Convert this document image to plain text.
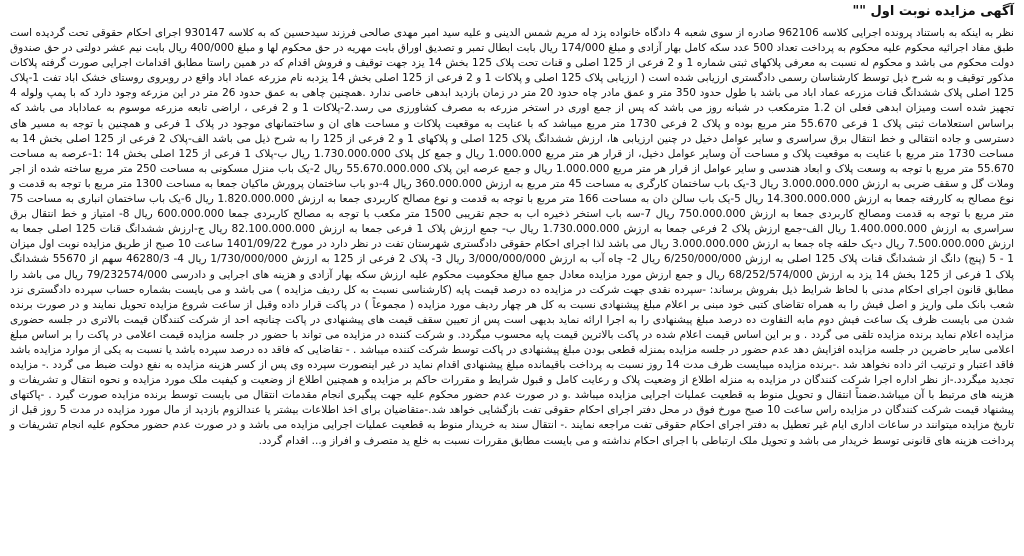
آگهی مزایده نوبت اول ""

نظر به اینکه به باستناد پرونده اجرایی کلاسه 962106 صادره از سوی شعبه 4 دادگاه خانواده یزد له مریم شمس الدینی و علیه سید امیر مهدی صالحی فرزند سیدحسین که به کلاسه 930147 اجرای احکام حقوقی تحت گردیده است طبق مفاد اجرائیه محکوم علیه محکوم به پرداخت تعداد 500 عدد سکه کامل بهار آزادی و مبلغ 174/000 ریال بابت ابطال تمبر و تصدیق اوراق بابت مهریه در حق محکوم لها و مبلغ 400/000 ریال بابت نیم عشر دولتی در حق صندوق دولت محکوم می باشد و محکوم له نسبت به معرفی پلاکهای ثبتی شماره 1 و 2 فرعی از 125 اصلی و قنات تحت پلاک 125 بخش 14 یزد جهت توقیف و فروش اقدام که در همین راستا مطابق اقدامات اجرایی صورت گرفته پلاکات مذکور توقیف و به شرح ذیل توسط کارشناسان رسمی دادگستری ارزیابی شده است ( ارزیابی پلاک 125 اصلی و پلاکات 1 و 2 فرعی از 125 اصلی بخش 14 یزدبه نام مزرعه عماد اباد واقع در روبروی روستای خشک اباد تفت 1-پلاک 125 اصلی پلاک ششدانگ قنات مزرعه عماد اباد می باشد با طول حدود 350 متر و عمق مادر چاه حدود 20 متر در زمان بازدید ابدهی خاصی ندارد .همچنین چاهی به عمق حدود 26 متر در این مزرعه وجود دارد که با پمپ ولوله 4 تجهیز شده است ومیزان ابدهی فعلی ان 1.2 مترمکعب در شبانه روز می باشد که پس از جمع اوری در استخر مزرعه به مصرف کشاورزی می رسد.2-پلاکات 1 و 2 فرعی ، اراضی تابعه مزرعه موسوم به عماداباد می باشد که براساس استعلامات ثبتی پلاک 1 فرعی 55.670 متر مربع بوده و پلاک 2 فرعی 1730 متر مربع میباشد که با عنایت به موقعیت پلاکات و مساحت های ان و ساختمانهای موجود در پلاک 1 فرعی و همچنین با توجه به مسیر های دسترسی و جاده انتقالی و خط انتقال برق سراسری و سایر عوامل دخیل در چنین ارزیابی ها، ارزش ششدانگ پلاک 125 اصلی و پلاکهای 1 و 2 فرعی از 125 را به شرح ذیل می باشد الف-پلاک 2 فرعی از 125 اصلی بخش 14 به مساحت 1730 متر مربع با عنایت به موقعیت پلاک و مساحت آن وسایر عوامل دخیل، از قرار هر متر مربع 1.000.000 ریال و جمع کل پلاک 1.730.000.000 ریال ب-پلاک 1 فرعی از 125 اصلی بخش 14 :1-عرصه به مساحت 55.670 متر مربع با توجه به وسعت پلاک و ابعاد هندسی و سایر عوامل از قرار هر متر مربع 1.000.000 ریال و جمع عرصه این پلاک 55.670.000.000 ریال 2-یک باب منزل مسکونی به مساحت 250 متر مربع ساخته شده از اجر وملات گل و سقف ضربی به ارزش 3.000.000.000 ریال 3-یک باب ساختمان کارگری به مساحت 45 متر مربع به ارزش 360.000.000 ریال 4-دو باب ساختمان پرورش ماکیان جمعا به مساحت 1300 متر مربع با توجه به قدمت و نوع مصالح به کاررفته جمعا به ارزش 14.300.000.000 ریال 5-یک باب سالن دان به مساحت 166 متر مربع با توجه به قدمت و نوع مصالح کاربردی جمعا به ارزش 1.820.000.000 ریال 6-یک باب ساختمان انباری به مساحت 75 متر مربع با توجه به قدمت ومصالح کاربردی جمعا به ارزش 750.000.000 ریال 7-سه باب استخر ذخیره اب به حجم تقریبی 1500 متر مکعب با توجه به مصالح کاربردی جمعا 600.000.000 ریال 8- امتیاز و خط انتقال برق سراسری به ارزش 1.400.000.000 ریال الف-جمع ارزش پلاک 2 فرعی جمعا به ارزش 1.730.000.000 ریال ب- جمع ارزش پلاک 1 فرعی جمعا به ارزش 82.100.000.000 ریال ج-ارزش ششدانگ قنات 125 اصلی جمعا به ارزش 7.500.000.000 ریال د-یک حلقه چاه جمعا به ارزش 3.000.000.000 ریال می باشد لذا اجرای احکام حقوقی دادگستری شهرستان تفت در نظر دارد در مورخ 1401/09/22 ساعت 10 صبح از طریق مزایده نوبت اول میزان 1 - 5 (پنج) دانگ از ششدانگ قنات پلاک 125 اصلی به ارزش 6/250/000/000 ریال 2- چاه آب به ارزش 3/000/000/000 ریال 3- پلاک 2 فرعی از 125 به ارزش 1/730/000/000 ریال 4- 46280/3 سهم از 55670 ششدانگ پلاک 1 فرعی از 125 بخش 14 یزد به ارزش 68/252/574/000 ریال و جمع ارزش مورد مزایده معادل جمع مبالغ محکومیت محکوم علیه ارزش سکه بهار آزادی و هزینه های اجرایی و دادرسی 79/232574/000 ریال می باشد را مطابق قانون اجرای احکام مدنی با لحاظ شرایط ذیل بفروش برساند: -سپرده نقدی جهت شرکت در مزایده ده درصد قیمت پایه (کارشناسی نسبت به کل ردیف مزایده ) می باشد و می بایست بشماره حساب سپرده دادگستری نزد شعب بانک ملی واریز و اصل فیش را به همراه تقاضای کتبی خود مبنی بر اعلام مبلغ پیشنهادی نسبت به کل هر چهار ردیف مورد مزایده ( مجموعاً ) در پاکت قرار داده وقبل از ساعت شروع مزایده تحویل نمایند و در صورت برنده شدن می بایست ظرف یک ساعت فیش دوم مابه التفاوت ده درصد مبلغ پیشنهادی را به اجرا ارائه نماید بدیهی است پس از تعیین سقف قیمت های پیشنهادی در پاکت چنانچه احد از شرکت کنندگان قیمت بالاتری در جلسه حضوری مزایده اعلام نماید برنده مزایده تلقی می گردد . و بر این اساس قیمت اعلام شده در پاکت بالاترین قیمت پایه محسوب میگردد. و شرکت کننده در مزایده می تواند با حضور در جلسه مزایده قیمت اعلامی در پاکت را بر اساس مبلغ اعلامی سایر حاضرین در جلسه مزایده افزایش دهد عدم حضور در جلسه مزایده بمنزله قطعی بودن مبلغ پیشنهادی در پاکت توسط شرکت کننده میباشد . - تقاضایی که فاقد ده درصد سپرده باشد یا نسبت به یکی از موارد مزایده باشد فاقد اعتبار و ترتیب اثر داده نخواهد شد .-برنده مزایده میبایست ظرف مدت 14 روز نسبت به پرداخت باقیمانده مبلغ پیشنهادی اقدام نماید در غیر اینصورت سپرده وی پس از کسر هزینه مزایده به نفع دولت ضبط می گردد .- مزایده تجدید میگردد.-از نظر اداره اجرا شرکت کنندگان در مزایده به منزله اطلاع از وضعیت پلاک و رعایت کامل و قبول شرایط و مقررات حاکم بر مزایده و همچنین اطلاع از وضعیت و کیفیت ملک مورد مزایده و نحوه انتقال و تشریفات و هزینه های مرتبط با آن میباشد.ضمناً انتقال و تحویل منوط به قطعیت عملیات اجرایی مزایده میباشد .و در صورت عدم حضور محکوم علیه جهت پیگیری انجام مقدمات انتقال می بایست توسط برنده مزایده صورت گیرد . -پاکتهای پیشنهاد قیمت شرکت کنندگان در مزایده راس ساعت 10 صبح مورخ فوق در محل دفتر اجرای احکام حقوقی تفت بازگشایی خواهد شد.-متقاضیان برای اخذ اطلاعات بیشتر یا عندالزوم بازدید از مال مورد مزایده در مدت 5 روز قبل از تاریخ مزایده میتوانند در ساعات اداری ایام غیر تعطیل به دفتر اجرای احکام حقوقی تفت مراجعه نمایند .- انتقال سند به خریدار منوط به قطعیت عملیات اجرایی مزایده می باشد و در صورت عدم حضور محکوم علیه انجام تشریفات و پرداخت هزینه های قانونی توسط خریدار می باشد و تحویل ملک ارتباطی با اجرای احکام نداشته و می بایست مطابق مقررات نسبت به خلع ید متصرف و افراز و... اقدام گردد.
